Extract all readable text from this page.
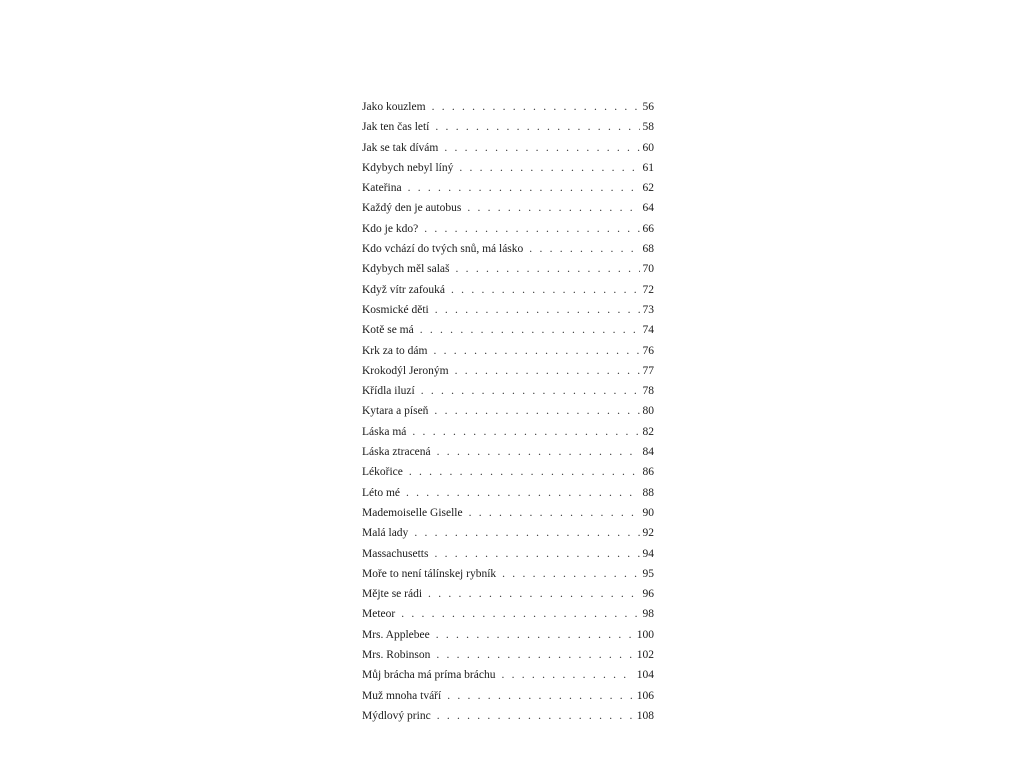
Jako kouzlem . . .	56
Jak ten čas letí . . .	58
Jak se tak dívám . . .	60
Kdybych nebyl líný . . .	61
Kateřina . . .	62
Každý den je autobus . . .	64
Kdo je kdo? . . .	66
Kdo vchází do tvých snů, má lásko . . .	68
Kdybych měl salaš . . .	70
Když vítr zafouká . . .	72
Kosmické děti . . .	73
Kotě se má . . .	74
Krk za to dám . . .	76
Krokodýl Jeroným . . .	77
Křídla iluzí . . .	78
Kytara a píseň . . .	80
Láska má . . .	82
Láska ztracená . . .	84
Lékořice . . .	86
Léto mé . . .	88
Mademoiselle Giselle . . .	90
Malá lady . . .	92
Massachusetts . . .	94
Moře to není tálínskej rybník . . .	95
Mějte se rádi . . .	96
Meteor . . .	98
Mrs. Applebee . . .	100
Mrs. Robinson . . .	102
Můj brácha má príma bráchu . . .	104
Muž mnoha tváří . . .	106
Mýdlový princ . . .	108
